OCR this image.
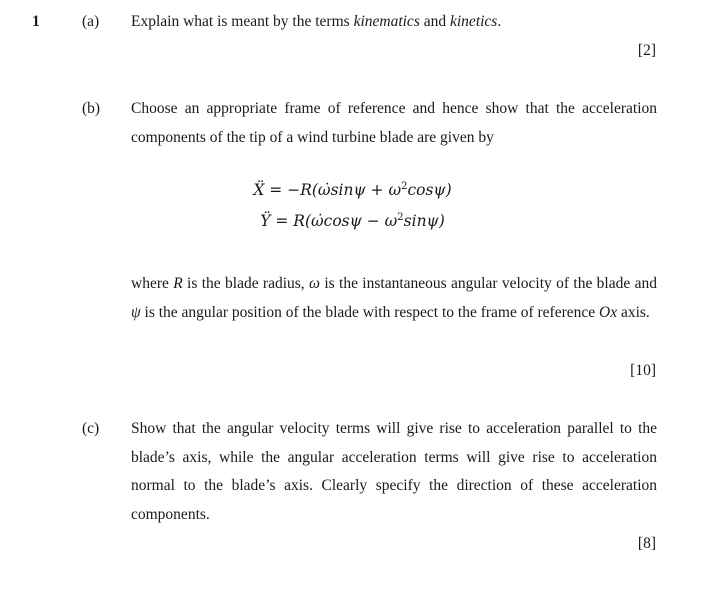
1	(a) Explain what is meant by the terms kinematics and kinetics.
[2]
(b) Choose an appropriate frame of reference and hence show that the acceleration components of the tip of a wind turbine blade are given by
Ẍ = −R(ω̇sinψ + $\omega^2\cos\psi$)
Ÿ = R(ω̇cosψ − $\omega^2\sin\psi$)
where R is the blade radius, ω is the instantaneous angular velocity of the blade and ψ is the angular position of the blade with respect to the frame of reference Ox axis.
[10]
(c) Show that the angular velocity terms will give rise to acceleration parallel to the blade’s axis, while the angular acceleration terms will give rise to acceleration normal to the blade’s axis. Clearly specify the direction of these acceleration components.
[8]
